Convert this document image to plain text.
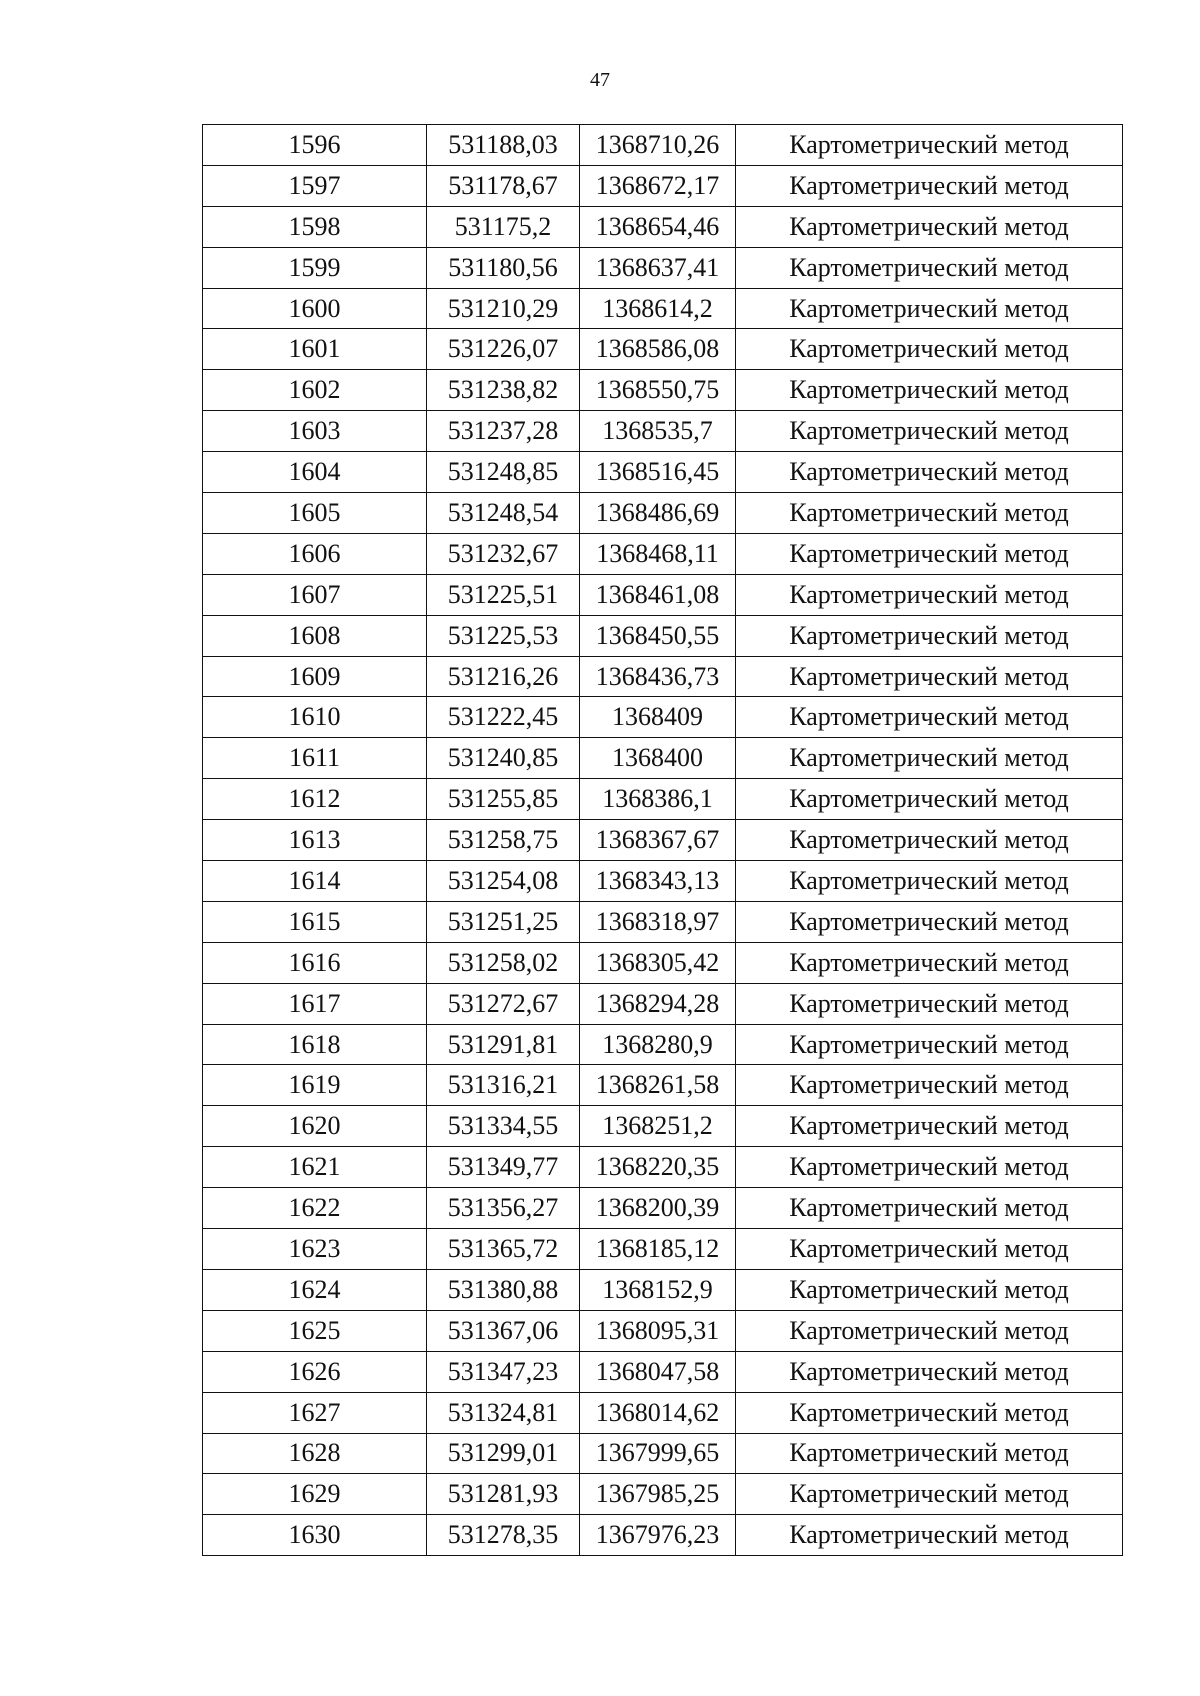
47
1596	531188,03	1368710,26	Картометрический метод
1597	531178,67	1368672,17	Картометрический метод
1598	531175,2	1368654,46	Картометрический метод
1599	531180,56	1368637,41	Картометрический метод
1600	531210,29	1368614,2	Картометрический метод
1601	531226,07	1368586,08	Картометрический метод
1602	531238,82	1368550,75	Картометрический метод
1603	531237,28	1368535,7	Картометрический метод
1604	531248,85	1368516,45	Картометрический метод
1605	531248,54	1368486,69	Картометрический метод
1606	531232,67	1368468,11	Картометрический метод
1607	531225,51	1368461,08	Картометрический метод
1608	531225,53	1368450,55	Картометрический метод
1609	531216,26	1368436,73	Картометрический метод
1610	531222,45	1368409	Картометрический метод
1611	531240,85	1368400	Картометрический метод
1612	531255,85	1368386,1	Картометрический метод
1613	531258,75	1368367,67	Картометрический метод
1614	531254,08	1368343,13	Картометрический метод
1615	531251,25	1368318,97	Картометрический метод
1616	531258,02	1368305,42	Картометрический метод
1617	531272,67	1368294,28	Картометрический метод
1618	531291,81	1368280,9	Картометрический метод
1619	531316,21	1368261,58	Картометрический метод
1620	531334,55	1368251,2	Картометрический метод
1621	531349,77	1368220,35	Картометрический метод
1622	531356,27	1368200,39	Картометрический метод
1623	531365,72	1368185,12	Картометрический метод
1624	531380,88	1368152,9	Картометрический метод
1625	531367,06	1368095,31	Картометрический метод
1626	531347,23	1368047,58	Картометрический метод
1627	531324,81	1368014,62	Картометрический метод
1628	531299,01	1367999,65	Картометрический метод
1629	531281,93	1367985,25	Картометрический метод
1630	531278,35	1367976,23	Картометрический метод
